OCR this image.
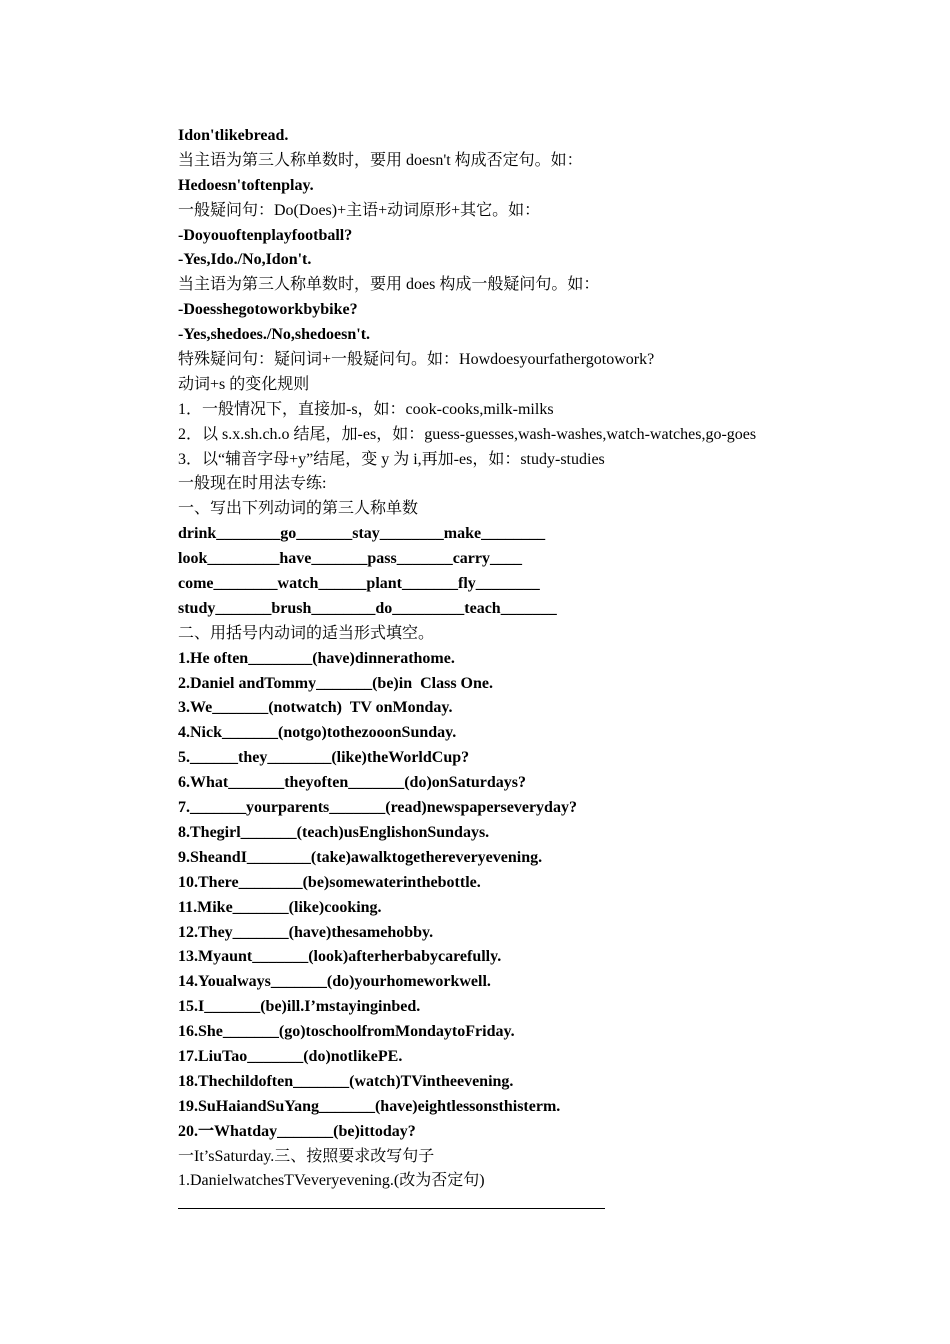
Idon'tlikebread.
当主语为第三人称单数时，要用 doesn't 构成否定句。如：
Hedoesn'toftenplay.
一般疑问句：Do(Does)+主语+动词原形+其它。如：
-Doyouoftenplayfootball?
-Yes,Ido./No,Idon't.
当主语为第三人称单数时，要用 does 构成一般疑问句。如：
-Doesshegotoworkbybike?
-Yes,shedoes./No,shedoesn't.
特殊疑问句：疑问词+一般疑问句。如：Howdoesyourfathergotowork?
动词+s 的变化规则
1．一般情况下，直接加-s，如：cook-cooks,milk-milks
2．以 s.x.sh.ch.o 结尾，加-es，如：guess-guesses,wash-washes,watch-watches,go-goes
3．以“辅音字母+y”结尾，变 y 为 i,再加-es，如：study-studies
一般现在时用法专练:
一、写出下列动词的第三人称单数
drink________go_______stay________make________
look_________have_______pass_______carry____
come________watch______plant_______fly________
study_______brush________do_________teach_______
二、用括号内动词的适当形式填空。
1.He often________(have)dinnerathome.
2.Daniel andTommy_______(be)in  Class One.
3.We_______(notwatch)  TV onMonday.
4.Nick_______(notgo)tothezooonSunday.
5.______they________(like)theWorldCup?
6.What_______theyoften_______(do)onSaturdays?
7._______yourparents_______(read)newspaperseveryday?
8.Thegirl_______(teach)usEnglishonSundays.
9.SheandI________(take)awalktogethereveryevening.
10.There________(be)somewaterinthebottle.
11.Mike_______(like)cooking.
12.They_______(have)thesamehobby.
13.Myaunt_______(look)afterherbabycarefully.
14.Youalways_______(do)yourhomeworkwell.
15.I_______(be)ill.I’mstayinginbed.
16.She_______(go)toschoolfromMondaytoFriday.
17.LiuTao_______(do)notlikePE.
18.Thechildoften_______(watch)TVintheevening.
19.SuHaiandSuYang_______(have)eightlessonsthisterm.
20.一Whatday_______(be)ittoday?
一It’sSaturday.三、按照要求改写句子
1.DanielwatchesTVeveryevening.(改为否定句)
